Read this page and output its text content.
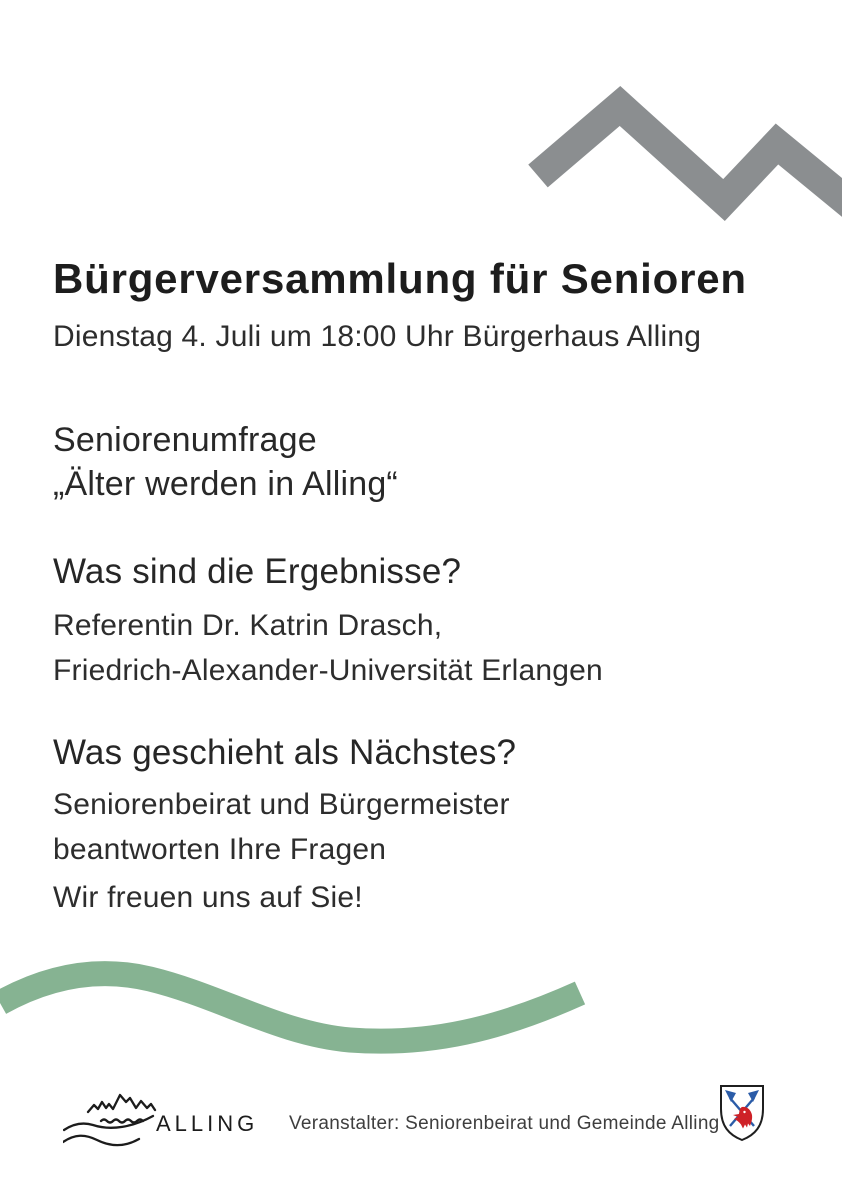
Bürgerversammlung für Senioren
Dienstag 4. Juli um 18:00 Uhr Bürgerhaus Alling
Seniorenumfrage
„Älter werden in Alling“
Was sind die Ergebnisse?
Referentin Dr. Katrin Drasch,
Friedrich-Alexander-Universität Erlangen
Was geschieht als Nächstes?
Seniorenbeirat und Bürgermeister
beantworten Ihre Fragen
Wir freuen uns auf Sie!
ALLING Veranstalter: Seniorenbeirat und Gemeinde Alling
